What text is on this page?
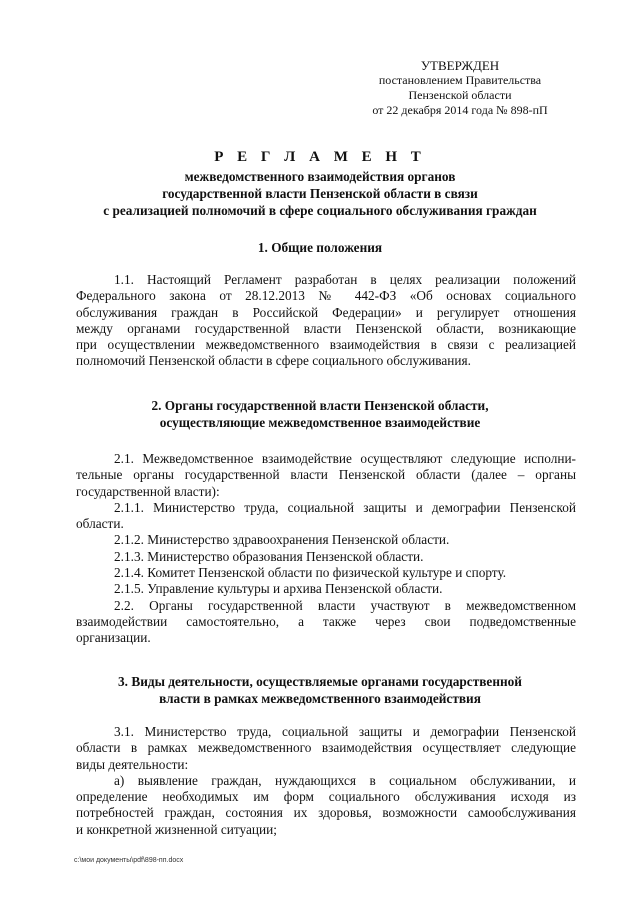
УТВЕРЖДЕН
постановлением Правительства
Пензенской области
от 22 декабря 2014 года № 898-пП
Р Е Г Л А М Е Н Т
межведомственного взаимодействия органов
государственной власти Пензенской области в связи
с реализацией полномочий в сфере социального обслуживания граждан
1. Общие положения
1.1. Настоящий Регламент разработан в целях реализации положений
Федерального закона от 28.12.2013 № 442-ФЗ «Об основах социального
обслуживания граждан в Российской Федерации» и регулирует отношения
между органами государственной власти Пензенской области, возникающие
при осуществлении межведомственного взаимодействия в связи с реализацией
полномочий Пензенской области в сфере социального обслуживания.
2. Органы государственной власти Пензенской области,
осуществляющие межведомственное взаимодействие
2.1. Межведомственное взаимодействие осуществляют следующие исполни-
тельные органы государственной власти Пензенской области (далее – органы
государственной власти):
2.1.1. Министерство труда, социальной защиты и демографии Пензенской
области.
2.1.2. Министерство здравоохранения Пензенской области.
2.1.3. Министерство образования Пензенской области.
2.1.4. Комитет Пензенской области по физической культуре и спорту.
2.1.5. Управление культуры и архива Пензенской области.
2.2. Органы государственной власти участвуют в межведомственном
взаимодействии самостоятельно, а также через свои подведомственные
организации.
3. Виды деятельности, осуществляемые органами государственной
власти в рамках межведомственного взаимодействия
3.1. Министерство труда, социальной защиты и демографии Пензенской
области в рамках межведомственного взаимодействия осуществляет следующие
виды деятельности:
а) выявление граждан, нуждающихся в социальном обслуживании, и
определение необходимых им форм социального обслуживания исходя из
потребностей граждан, состояния их здоровья, возможности самообслуживания
и конкретной жизненной ситуации;
c:\мои документы\pdf\898-пп.docx
